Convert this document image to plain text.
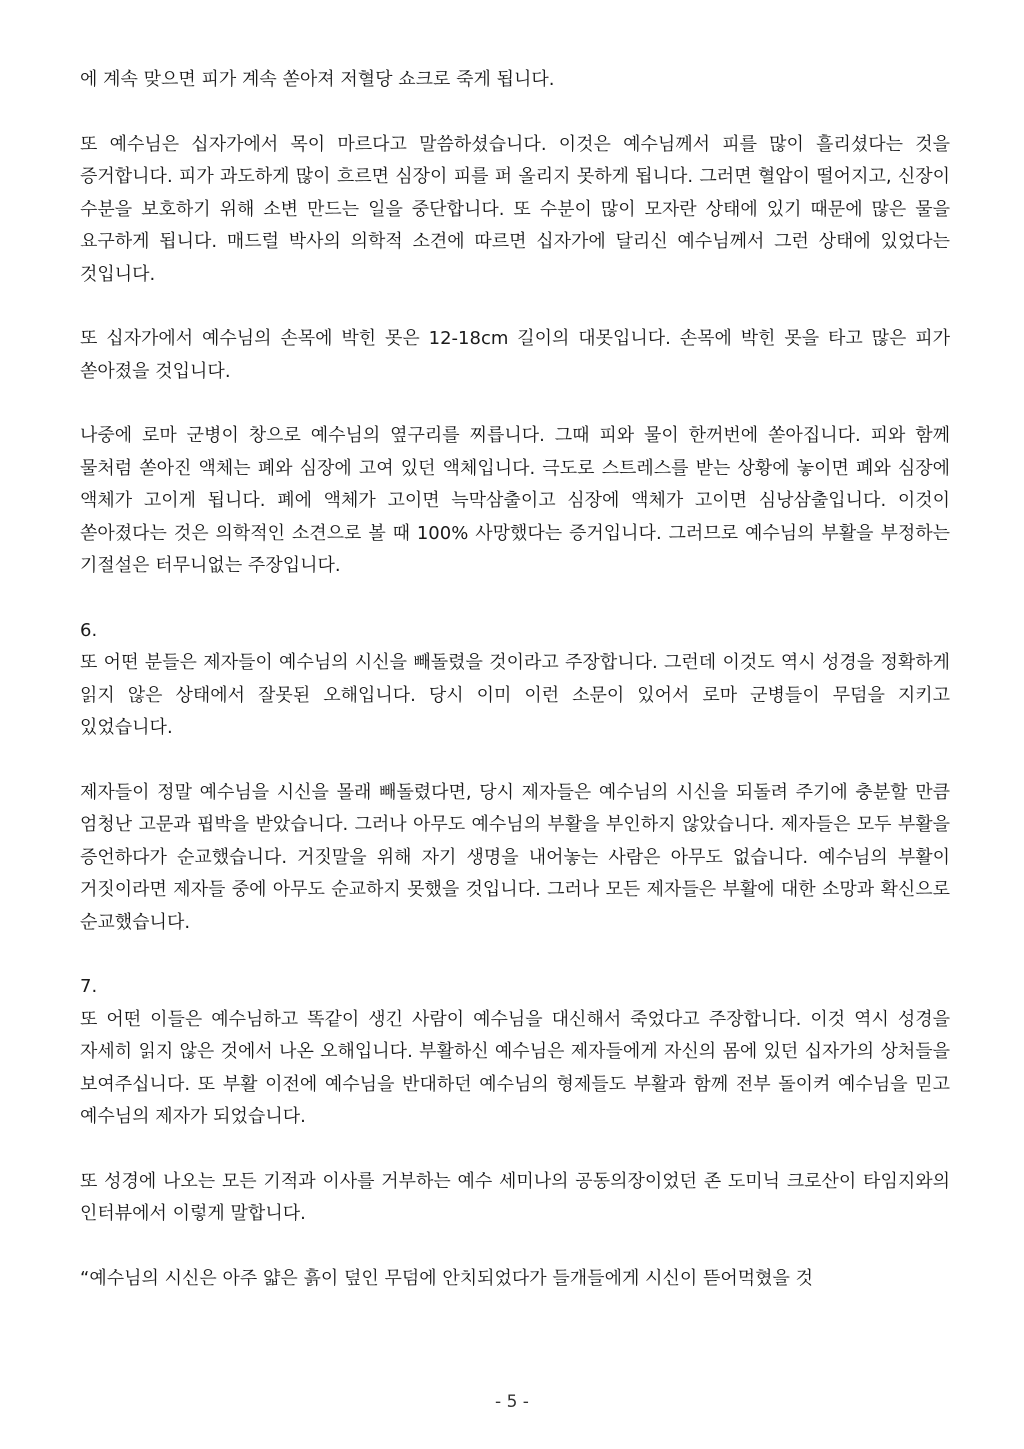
에 계속 맞으면 피가 계속 쏟아져 저혈당 쇼크로 죽게 됩니다.

또 예수님은 십자가에서 목이 마르다고 말씀하셨습니다. 이것은 예수님께서 피를 많이 흘리셨다는 것을 증거합니다. 피가 과도하게 많이 흐르면 심장이 피를 퍼 올리지 못하게 됩니다. 그러면 혈압이 떨어지고, 신장이 수분을 보호하기 위해 소변 만드는 일을 중단합니다. 또 수분이 많이 모자란 상태에 있기 때문에 많은 물을 요구하게 됩니다. 매드럴 박사의 의학적 소견에 따르면 십자가에 달리신 예수님께서 그런 상태에 있었다는 것입니다.

또 십자가에서 예수님의 손목에 박힌 못은 12-18cm 길이의 대못입니다. 손목에 박힌 못을 타고 많은 피가 쏟아졌을 것입니다.

나중에 로마 군병이 창으로 예수님의 옆구리를 찌릅니다. 그때 피와 물이 한꺼번에 쏟아집니다. 피와 함께 물처럼 쏟아진 액체는 폐와 심장에 고여 있던 액체입니다. 극도로 스트레스를 받는 상황에 놓이면 폐와 심장에 액체가 고이게 됩니다. 폐에 액체가 고이면 늑막삼출이고 심장에 액체가 고이면 심낭삼출입니다. 이것이 쏟아졌다는 것은 의학적인 소견으로 볼 때 100% 사망했다는 증거입니다. 그러므로 예수님의 부활을 부정하는 기절설은 터무니없는 주장입니다.

6.

또 어떤 분들은 제자들이 예수님의 시신을 빼돌렸을 것이라고 주장합니다. 그런데 이것도 역시 성경을 정확하게 읽지 않은 상태에서 잘못된 오해입니다. 당시 이미 이런 소문이 있어서 로마 군병들이 무덤을 지키고 있었습니다.

제자들이 정말 예수님을 시신을 몰래 빼돌렸다면, 당시 제자들은 예수님의 시신을 되돌려 주기에 충분할 만큼 엄청난 고문과 핍박을 받았습니다. 그러나 아무도 예수님의 부활을 부인하지 않았습니다. 제자들은 모두 부활을 증언하다가 순교했습니다. 거짓말을 위해 자기 생명을 내어놓는 사람은 아무도 없습니다. 예수님의 부활이 거짓이라면 제자들 중에 아무도 순교하지 못했을 것입니다. 그러나 모든 제자들은 부활에 대한 소망과 확신으로 순교했습니다.

7.

또 어떤 이들은 예수님하고 똑같이 생긴 사람이 예수님을 대신해서 죽었다고 주장합니다. 이것 역시 성경을 자세히 읽지 않은 것에서 나온 오해입니다. 부활하신 예수님은 제자들에게 자신의 몸에 있던 십자가의 상처들을 보여주십니다. 또 부활 이전에 예수님을 반대하던 예수님의 형제들도 부활과 함께 전부 돌이켜 예수님을 믿고 예수님의 제자가 되었습니다.

또 성경에 나오는 모든 기적과 이사를 거부하는 예수 세미나의 공동의장이었던 존 도미닉 크로산이 타임지와의 인터뷰에서 이렇게 말합니다.

“예수님의 시신은 아주 얇은 흙이 덮인 무덤에 안치되었다가 들개들에게 시신이 뜯어먹혔을 것

- 5 -
